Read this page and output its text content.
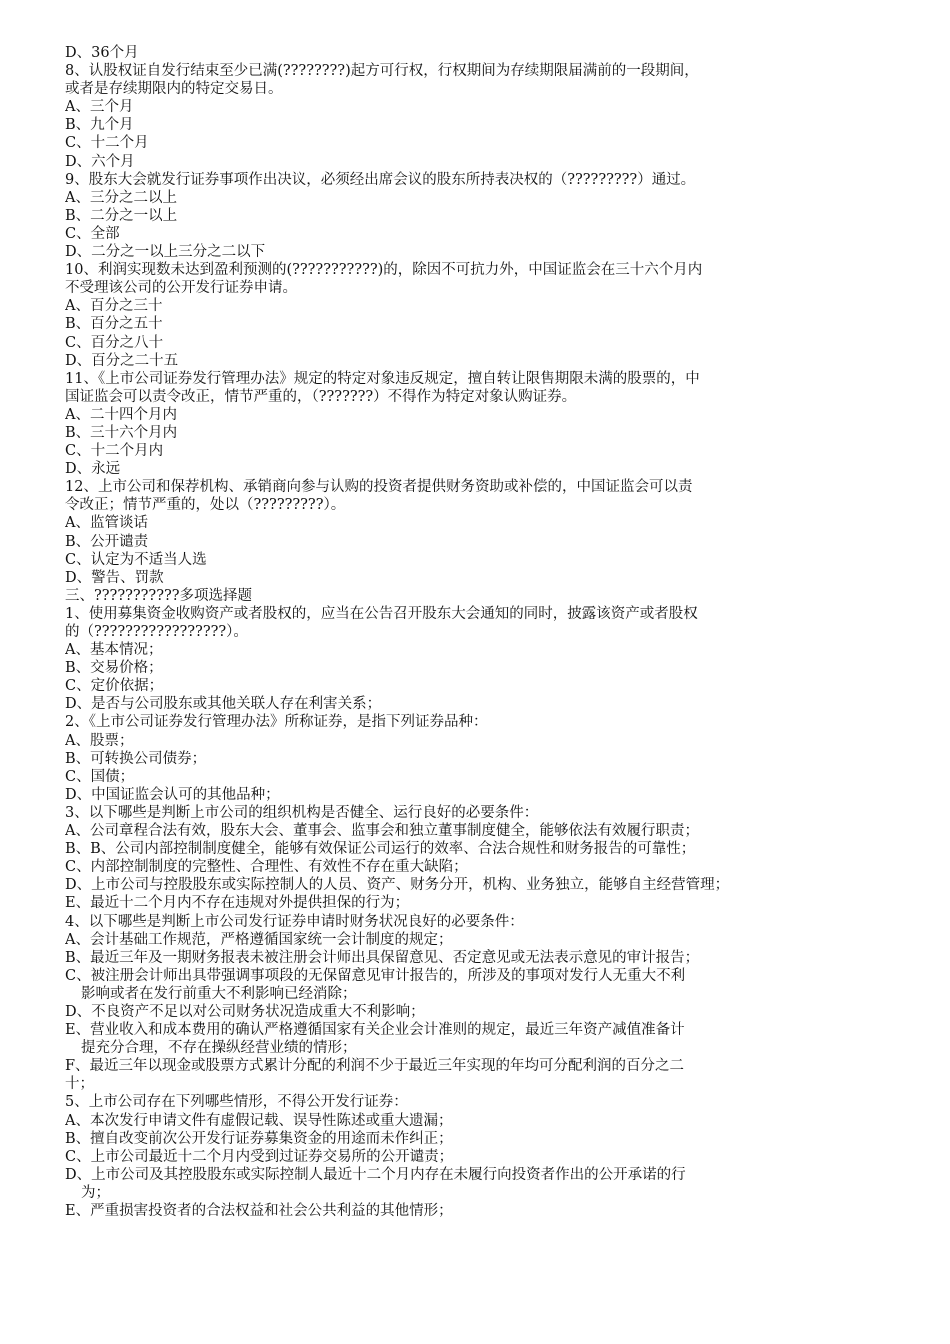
D、36个月
8、认股权证自发行结束至少已满(????????)起方可行权，行权期间为存续期限届满前的一段期间，
或者是存续期限内的特定交易日。
A、三个月
B、九个月
C、十二个月
D、六个月
9、股东大会就发行证券事项作出决议，必须经出席会议的股东所持表决权的（?????????）通过。
A、三分之二以上
B、二分之一以上
C、全部
D、二分之一以上三分之二以下
10、利润实现数未达到盈利预测的(???????????)的，除因不可抗力外，中国证监会在三十六个月内
不受理该公司的公开发行证券申请。
A、百分之三十
B、百分之五十
C、百分之八十
D、百分之二十五
11、《上市公司证券发行管理办法》规定的特定对象违反规定，擅自转让限售期限未满的股票的，中
国证监会可以责令改正，情节严重的，（???????）不得作为特定对象认购证券。
A、二十四个月内
B、三十六个月内
C、十二个月内
D、永远
12、上市公司和保荐机构、承销商向参与认购的投资者提供财务资助或补偿的，中国证监会可以责
令改正；情节严重的，处以（?????????）。
A、监管谈话
B、公开谴责
C、认定为不适当人选
D、警告、罚款
三、???????????多项选择题
1、使用募集资金收购资产或者股权的，应当在公告召开股东大会通知的同时，披露该资产或者股权
的（?????????????????）。
A、基本情况；
B、交易价格；
C、定价依据；
D、是否与公司股东或其他关联人存在利害关系；
2、《上市公司证券发行管理办法》所称证券，是指下列证券品种：
A、股票；
B、可转换公司债券；
C、国债；
D、中国证监会认可的其他品种；
3、以下哪些是判断上市公司的组织机构是否健全、运行良好的必要条件：
A、公司章程合法有效，股东大会、董事会、监事会和独立董事制度健全，能够依法有效履行职责；
B、B、公司内部控制制度健全，能够有效保证公司运行的效率、合法合规性和财务报告的可靠性；
C、内部控制制度的完整性、合理性、有效性不存在重大缺陷；
D、上市公司与控股股东或实际控制人的人员、资产、财务分开，机构、业务独立，能够自主经营管理；
E、最近十二个月内不存在违规对外提供担保的行为；
4、以下哪些是判断上市公司发行证券申请时财务状况良好的必要条件：
A、会计基础工作规范，严格遵循国家统一会计制度的规定；
B、最近三年及一期财务报表未被注册会计师出具保留意见、否定意见或无法表示意见的审计报告；
C、被注册会计师出具带强调事项段的无保留意见审计报告的，所涉及的事项对发行人无重大不利
影响或者在发行前重大不利影响已经消除；
D、不良资产不足以对公司财务状况造成重大不利影响；
E、营业收入和成本费用的确认严格遵循国家有关企业会计准则的规定，最近三年资产减值准备计
提充分合理，不存在操纵经营业绩的情形；
F、最近三年以现金或股票方式累计分配的利润不少于最近三年实现的年均可分配利润的百分之二
十；
5、上市公司存在下列哪些情形，不得公开发行证券：
A、本次发行申请文件有虚假记载、误导性陈述或重大遗漏；
B、擅自改变前次公开发行证券募集资金的用途而未作纠正；
C、上市公司最近十二个月内受到过证券交易所的公开谴责；
D、上市公司及其控股股东或实际控制人最近十二个月内存在未履行向投资者作出的公开承诺的行
为；
E、严重损害投资者的合法权益和社会公共利益的其他情形；
